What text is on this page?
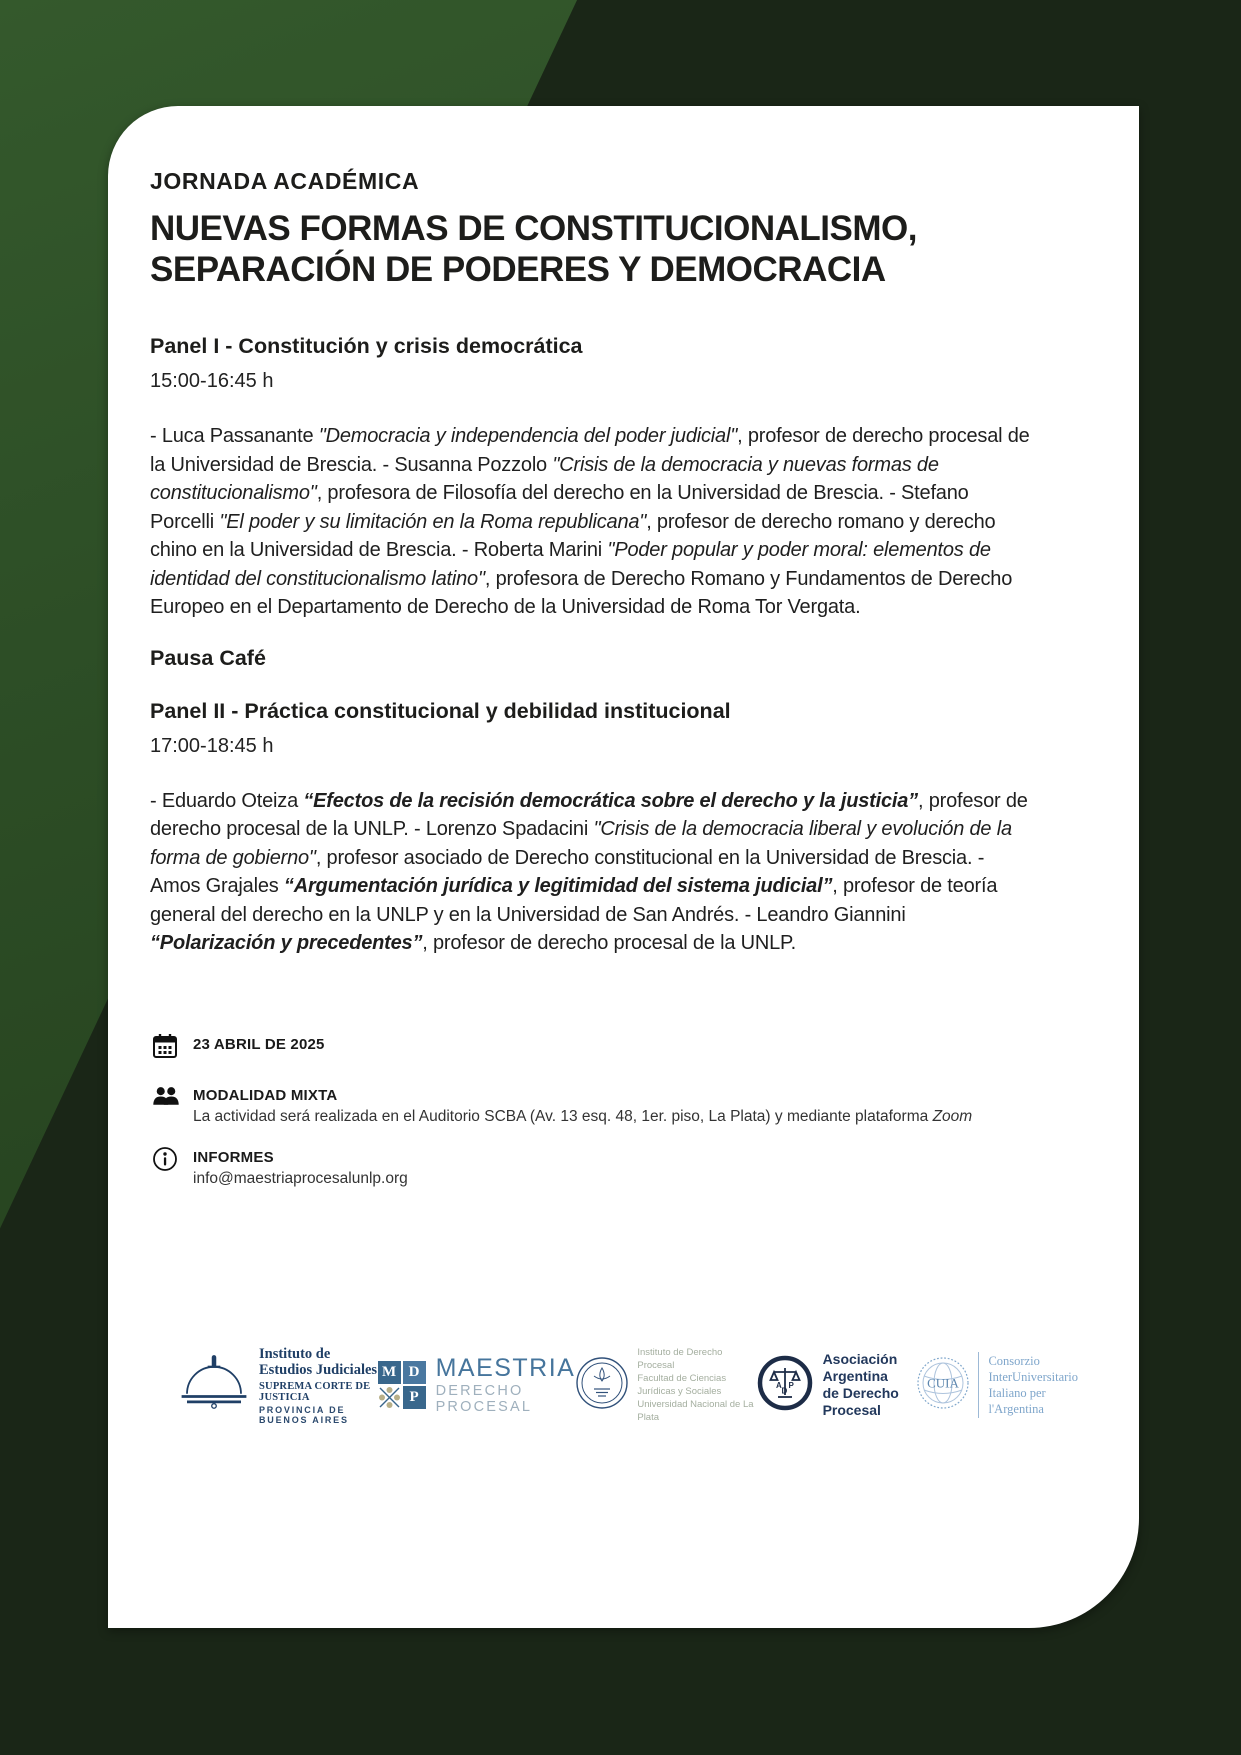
JORNADA ACADÉMICA
NUEVAS FORMAS DE CONSTITUCIONALISMO,
SEPARACIÓN DE PODERES Y DEMOCRACIA
Panel I - Constitución y crisis democrática
15:00-16:45 h
- Luca Passanante "Democracia y independencia del poder judicial", profesor de derecho procesal de la Universidad de Brescia. - Susanna Pozzolo "Crisis de la democracia y nuevas formas de constitucionalismo", profesora de Filosofía del derecho en la Universidad de Brescia. - Stefano Porcelli "El poder y su limitación en la Roma republicana", profesor de derecho romano y derecho chino en la Universidad de Brescia. - Roberta Marini "Poder popular y poder moral: elementos de identidad del constitucionalismo latino", profesora de Derecho Romano y Fundamentos de Derecho Europeo en el Departamento de Derecho de la Universidad de Roma Tor Vergata.
Pausa Café
Panel II - Práctica constitucional y debilidad institucional
17:00-18:45 h
- Eduardo Oteiza “Efectos de la recisión democrática sobre el derecho y la justicia”, profesor de derecho procesal de la UNLP. - Lorenzo Spadacini "Crisis de la democracia liberal y evolución de la forma de gobierno", profesor asociado de Derecho constitucional en la Universidad de Brescia. - Amos Grajales “Argumentación jurídica y legitimidad del sistema judicial”, profesor de teoría general del derecho en la UNLP y en la Universidad de San Andrés. - Leandro Giannini “Polarización y precedentes”, profesor de derecho procesal de la UNLP.
23 ABRIL DE 2025
MODALIDAD MIXTA
La actividad será realizada en el Auditorio SCBA (Av. 13 esq. 48, 1er. piso, La Plata) y mediante plataforma Zoom
INFORMES
info@maestriaprocesalunlp.org
Instituto de
Estudios Judiciales
SUPREMA CORTE DE JUSTICIA
PROVINCIA DE BUENOS AIRES
M D
P
MAESTRIA
DERECHO PROCESAL
Instituto de Derecho Procesal
Facultad de Ciencias Jurídicas y Sociales
Universidad Nacional de La Plata
A P
D
Asociación Argentina
de Derecho Procesal
CUIA
Consorzio
InterUniversitario
Italiano per
l'Argentina
